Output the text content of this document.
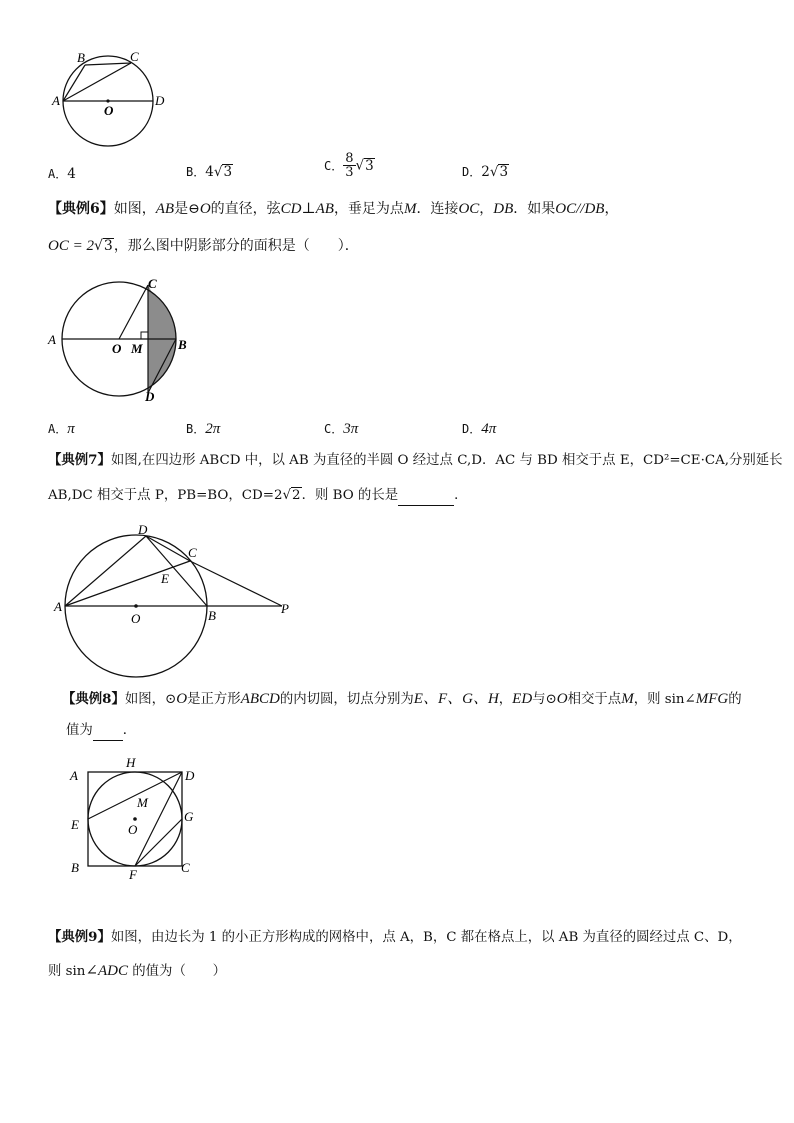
A
B	C
D
O
A．4	B．4√3	C． $\frac{8}{3} √3$	D．2√3
【典例6】如图，AB是⊖O的直径，弦CD⊥AB，垂足为点M．连接OC，DB．如果OC//DB，
OC = 2√3，那么图中阴影部分的面积是（　　）．
A
O M	B
C
D
A．π	B．2π	C．3π	D．4π
【典例7】如图,在四边形 ABCD 中，以 AB 为直径的半圆 O 经过点 C,D．AC 与 BD 相交于点 E，CD²=CE·CA,分别延长
AB,DC 相交于点 P，PB=BO，CD=2√2．则 BO 的长是	．
D
C
E
A
O	B	P
【典例8】如图，⊙O是正方形ABCD的内切圆，切点分别为E、F、G、H，ED与⊙O相交于点M，则 sin∠MFG的
值为 ．
A
H
D
M
E	O
G
B	F	C
【典例9】如图，由边长为 1 的小正方形构成的网格中，点 A，B，C 都在格点上，以 AB 为直径的圆经过点 C、D，
则 sin∠ADC 的值为（　　）
